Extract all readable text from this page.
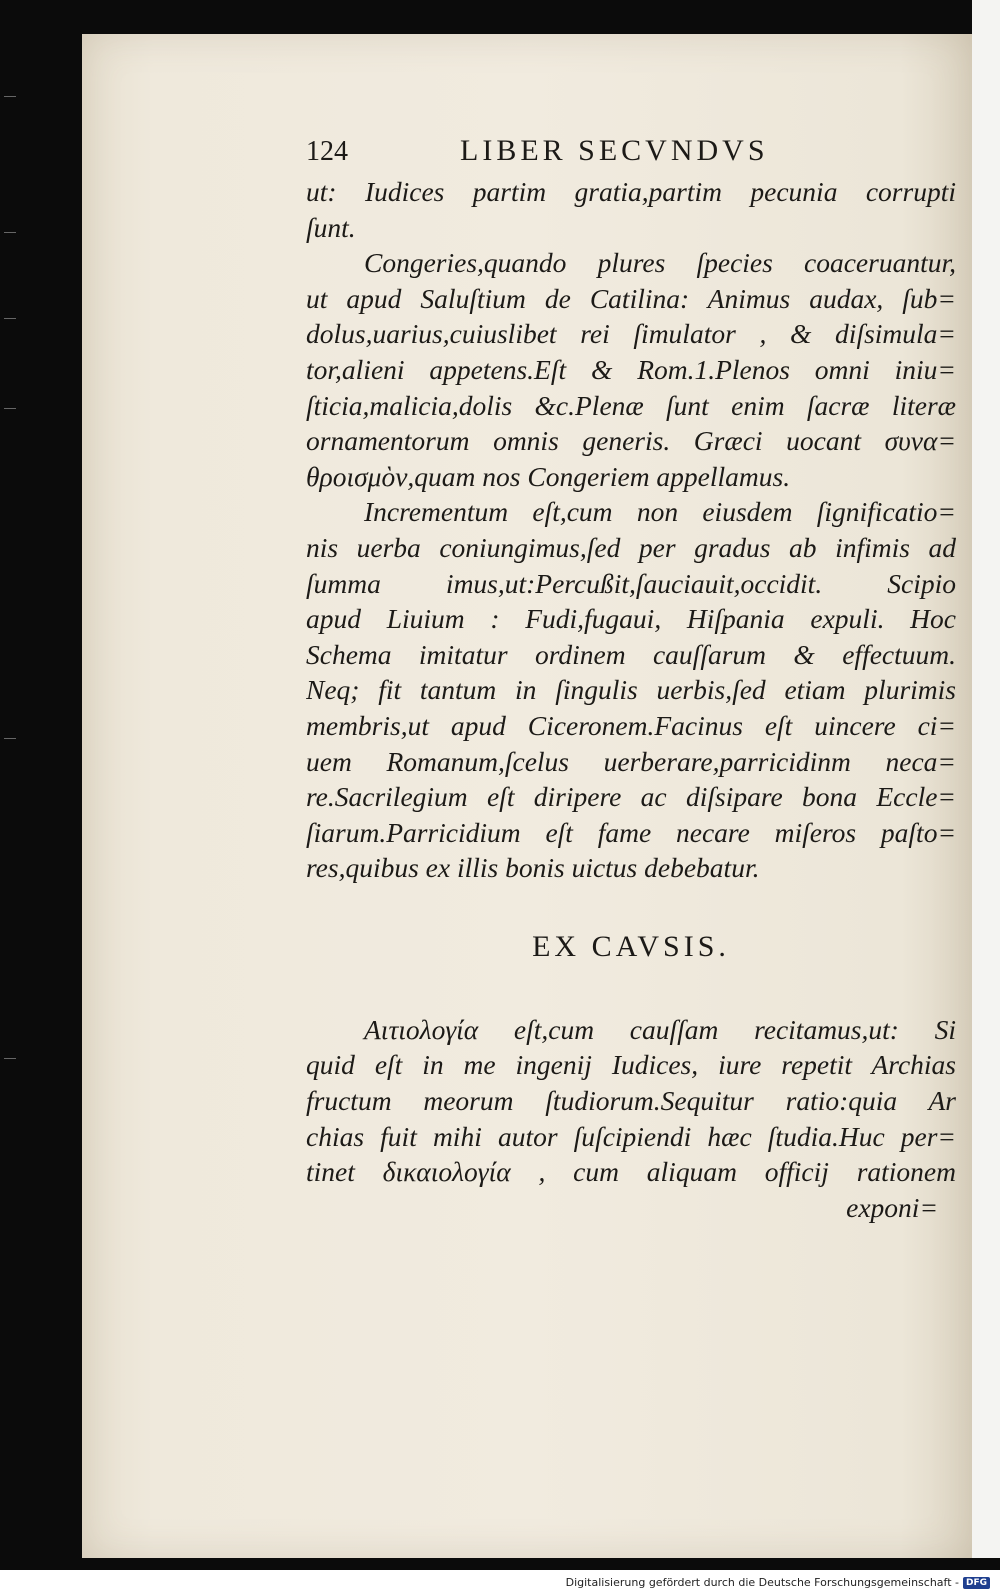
124	LIBER SECVNDVS
ut: Iudices partim gratia,partim pecunia corrupti
ſunt.
Congeries,quando plures ſpecies coaceruantur,
ut apud Saluſtium de Catilina: Animus audax, ſub=
dolus,uarius,cuiuslibet rei ſimulator , & diſsimula=
tor,alieni appetens.Eſt & Rom.1.Plenos omni iniu=
ſticia,malicia,dolis &c.Plenæ ſunt enim ſacræ literæ
ornamentorum omnis generis. Græci uocant συνα=
θροισμὸν,quam nos Congeriem appellamus.
Incrementum eſt,cum non eiusdem ſignificatio=
nis uerba coniungimus,ſed per gradus ab infimis ad
ſumma imus,ut:Percußit,ſauciauit,occidit. Scipio
apud Liuium : Fudi,fugaui, Hiſpania expuli. Hoc
Schema imitatur ordinem cauſſarum & effectuum.
Neq; fit tantum in ſingulis uerbis,ſed etiam plurimis
membris,ut apud Ciceronem.Facinus eſt uincere ci=
uem Romanum,ſcelus uerberare,parricidinm neca=
re.Sacrilegium eſt diripere ac diſsipare bona Eccle=
ſiarum.Parricidium eſt fame necare miſeros paſto=
res,quibus ex illis bonis uictus debebatur.
EX CAVSIS.
Αιτιολογία eſt,cum cauſſam recitamus,ut: Si
quid eſt in me ingenij Iudices, iure repetit Archias
fructum meorum ſtudiorum.Sequitur ratio:quia Ar
chias fuit mihi autor ſuſcipiendi hæc ſtudia.Huc per=
tinet δικαιολογία , cum aliquam officij rationem
exponi=
Digitalisierung gefördert durch die Deutsche Forschungsgemeinschaft - DFG
